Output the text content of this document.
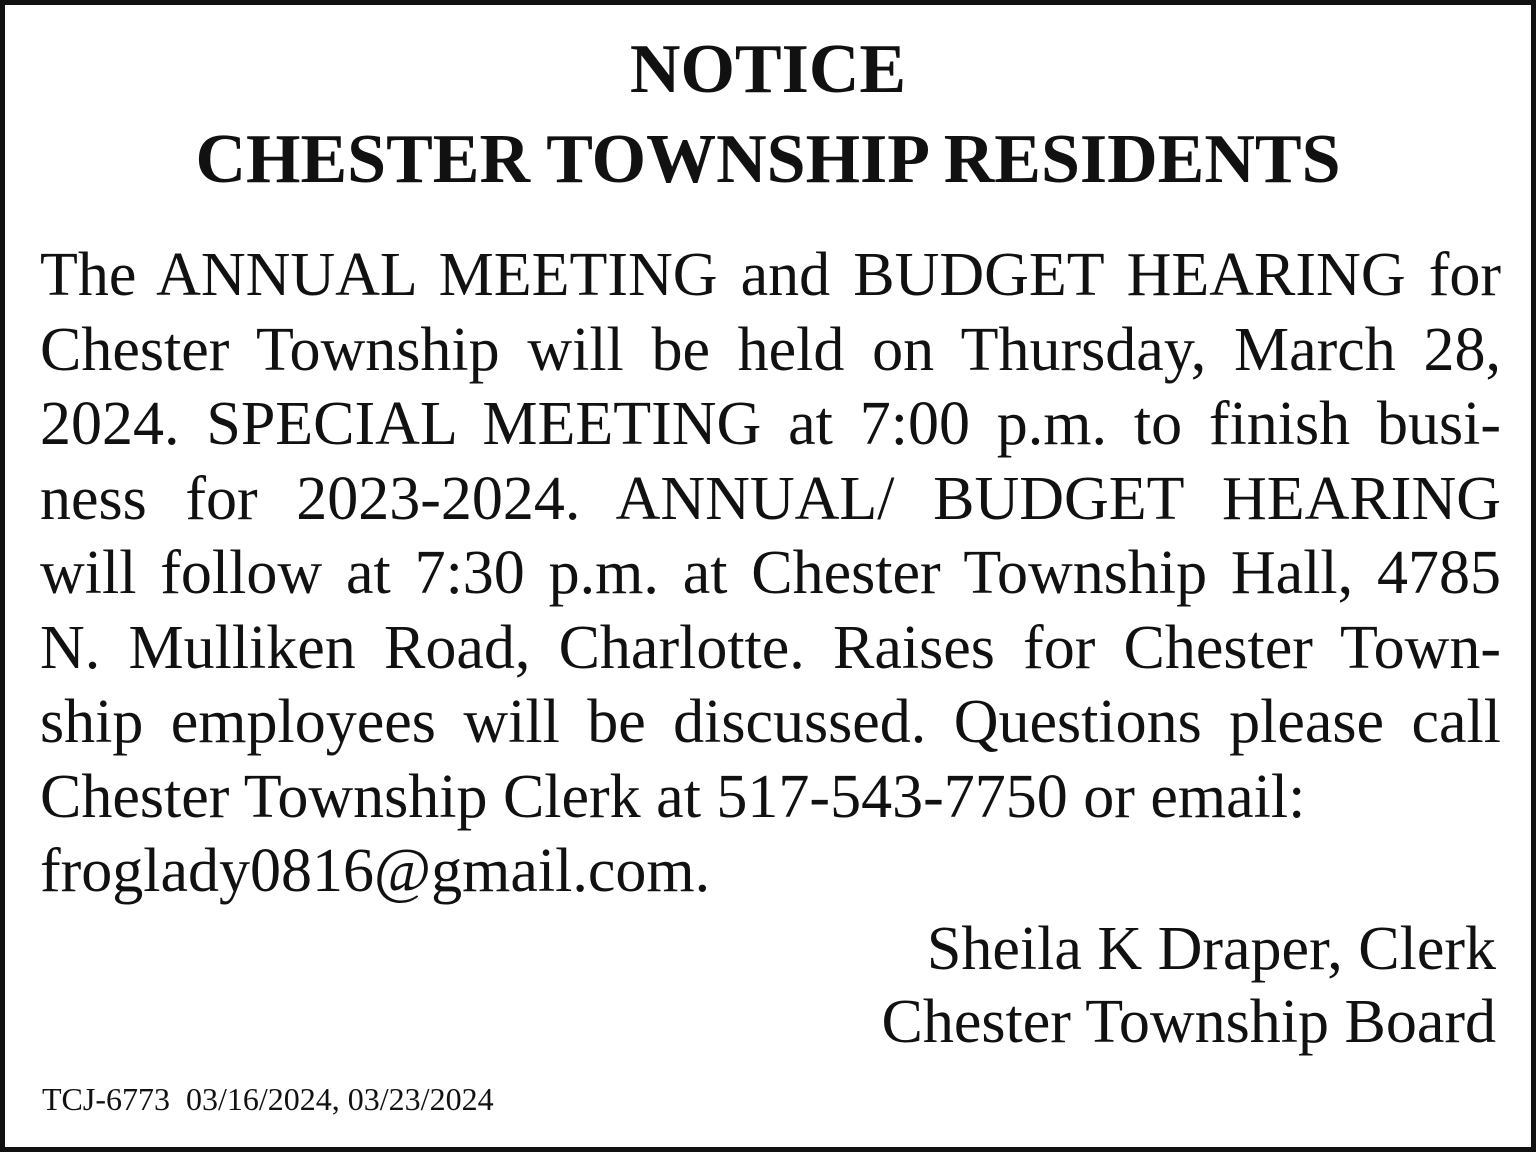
NOTICE
CHESTER TOWNSHIP RESIDENTS

The ANNUAL MEETING and BUDGET HEARING for
Chester Township will be held on Thursday, March 28,
2024. SPECIAL MEETING at 7:00 p.m. to finish busi-
ness for 2023-2024. ANNUAL/ BUDGET HEARING
will follow at 7:30 p.m. at Chester Township Hall, 4785
N. Mulliken Road, Charlotte. Raises for Chester Town-
ship employees will be discussed. Questions please call
Chester Township Clerk at 517-543-7750 or email:
froglady0816@gmail.com.

Sheila K Draper, Clerk

Chester Township Board

TCJ-6773 03/16/2024, 03/23/2024
